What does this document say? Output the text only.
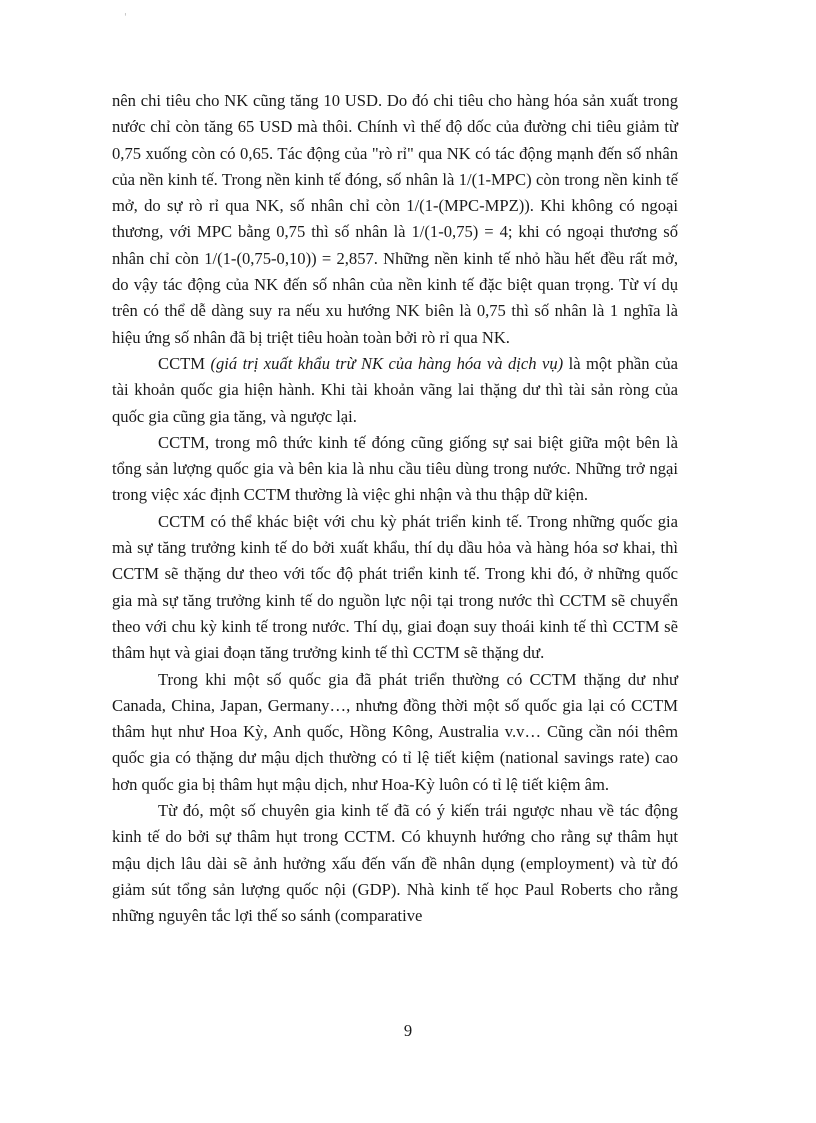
'

nên chi tiêu cho NK cũng tăng 10 USD. Do đó chi tiêu cho hàng hóa sản xuất trong nước chỉ còn tăng 65 USD mà thôi. Chính vì thế độ dốc của đường chi tiêu giảm từ 0,75 xuống còn có 0,65. Tác động của "rò rỉ" qua NK có tác động mạnh đến số nhân của nền kinh tế. Trong nền kinh tế đóng, số nhân là 1/(1-MPC) còn trong nền kinh tế mở, do sự rò rỉ qua NK, số nhân chỉ còn 1/(1-(MPC-MPZ)). Khi không có ngoại thương, với MPC bằng 0,75 thì số nhân là 1/(1-0,75) = 4; khi có ngoại thương số nhân chỉ còn 1/(1-(0,75-0,10)) = 2,857. Những nền kinh tế nhỏ hầu hết đều rất mở, do vậy tác động của NK đến số nhân của nền kinh tế đặc biệt quan trọng. Từ ví dụ trên có thể dễ dàng suy ra nếu xu hướng NK biên là 0,75 thì số nhân là 1 nghĩa là hiệu ứng số nhân đã bị triệt tiêu hoàn toàn bởi rò rỉ qua NK.

CCTM (giá trị xuất khẩu trừ NK của hàng hóa và dịch vụ) là một phần của tài khoản quốc gia hiện hành. Khi tài khoản vãng lai thặng dư thì tài sản ròng của quốc gia cũng gia tăng, và ngược lại.

CCTM, trong mô thức kinh tế đóng cũng giống sự sai biệt giữa một bên là tổng sản lượng quốc gia và bên kia là nhu cầu tiêu dùng trong nước. Những trở ngại trong việc xác định CCTM thường là việc ghi nhận và thu thập dữ kiện.

CCTM có thể khác biệt với chu kỳ phát triển kinh tế. Trong những quốc gia mà sự tăng trưởng kinh tế do bởi xuất khẩu, thí dụ dầu hỏa và hàng hóa sơ khai, thì CCTM sẽ thặng dư theo với tốc độ phát triển kinh tế. Trong khi đó, ở những quốc gia mà sự tăng trưởng kinh tế do nguồn lực nội tại trong nước thì CCTM sẽ chuyển theo với chu kỳ kinh tế trong nước. Thí dụ, giai đoạn suy thoái kinh tế thì CCTM sẽ thâm hụt và giai đoạn tăng trưởng kinh tế thì CCTM sẽ thặng dư.

Trong khi một số quốc gia đã phát triển thường có CCTM thặng dư như Canada, China, Japan, Germany…, nhưng đồng thời một số quốc gia lại có CCTM thâm hụt như Hoa Kỳ, Anh quốc, Hồng Kông, Australia v.v… Cũng cần nói thêm quốc gia có thặng dư mậu dịch thường có tỉ lệ tiết kiệm (national savings rate) cao hơn quốc gia bị thâm hụt mậu dịch, như Hoa-Kỳ luôn có tỉ lệ tiết kiệm âm.

Từ đó, một số chuyên gia kinh tế đã có ý kiến trái ngược nhau về tác động kinh tế do bởi sự thâm hụt trong CCTM. Có khuynh hướng cho rằng sự thâm hụt mậu dịch lâu dài sẽ ảnh hưởng xấu đến vấn đề nhân dụng (employment) và từ đó giảm sút tổng sản lượng quốc nội (GDP). Nhà kinh tế học Paul Roberts cho rằng những nguyên tắc lợi thế so sánh (comparative

9
